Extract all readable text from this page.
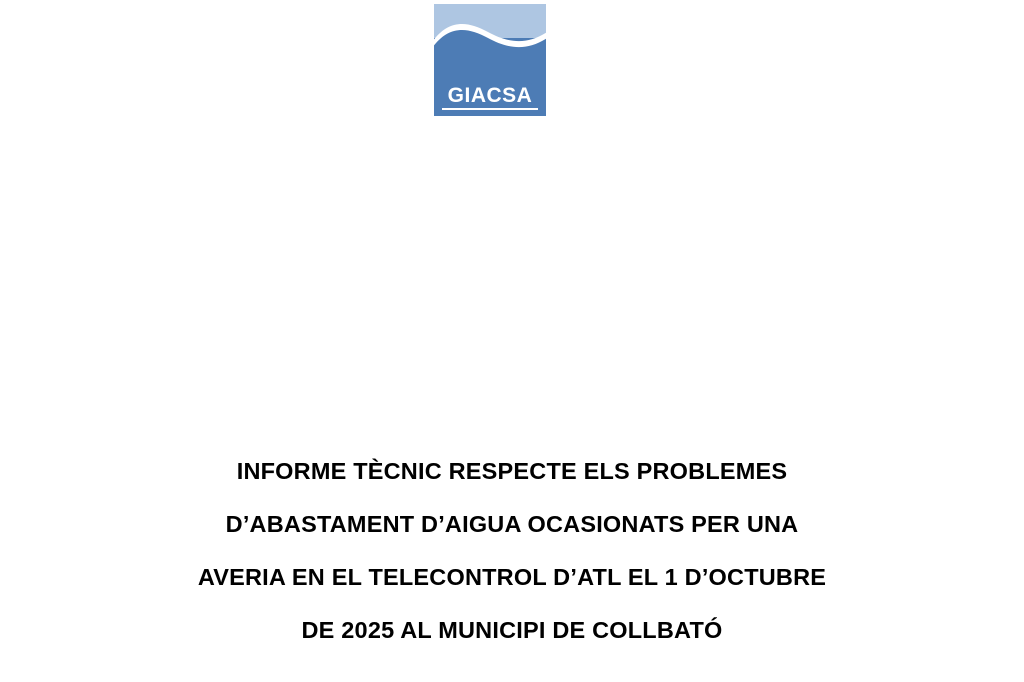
GIACSA
INFORME TÈCNIC RESPECTE ELS PROBLEMES
D’ABASTAMENT D’AIGUA OCASIONATS PER UNA
AVERIA EN EL TELECONTROL D’ATL EL 1 D’OCTUBRE
DE 2025 AL MUNICIPI DE COLLBATÓ
